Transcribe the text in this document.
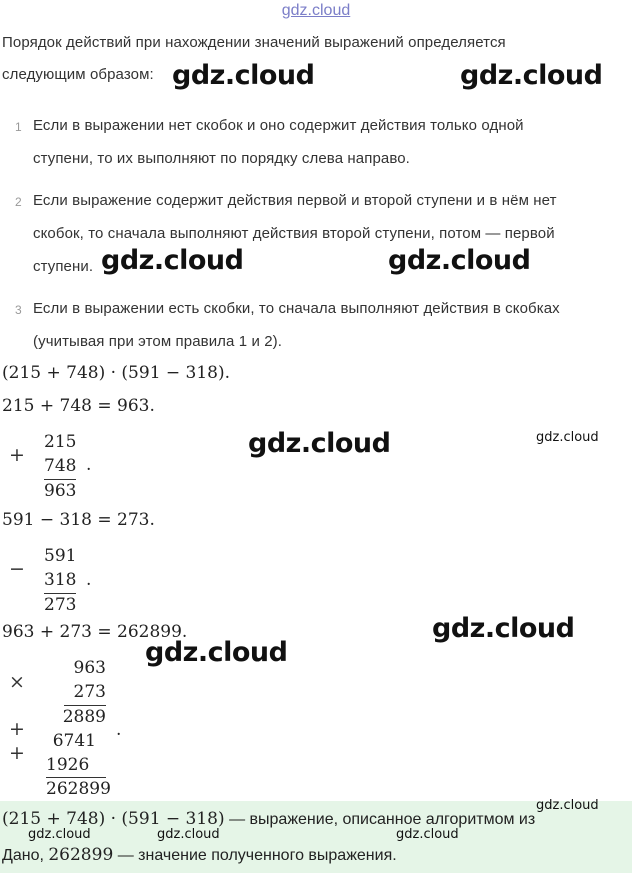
gdz.cloud
Порядок действий при нахождении значений выражений определяется
следующим образом:
1 Если в выражении нет скобок и оно содержит действия только одной
ступени, то их выполняют по порядку слева направо.
2 Если выражение содержит действия первой и второй ступени и в нём нет
скобок, то сначала выполняют действия второй ступени, потом — первой
ступени.
3 Если в выражении есть скобки, то сначала выполняют действия в скобках
(учитывая при этом правила 1 и 2).
(215 + 748) · (591 − 318).
215 + 748 = 963.
+
215
748
963
.
591 − 318 = 273.
−
591
318
273
.
963 + 273 = 262899.
×
963
273
2889
+
6741
.
+
1926
262899
(215 + 748) · (591 − 318) — выражение, описанное алгоритмом из
Дано, 262899 — значение полученного выражения.
gdz.cloud	gdz.cloud
gdz.cloud	gdz.cloud
gdz.cloud
gdz.cloud
gdz.cloud
gdz.cloud
gdz.cloud
gdz.cloud	gdz.cloud	gdz.cloud
